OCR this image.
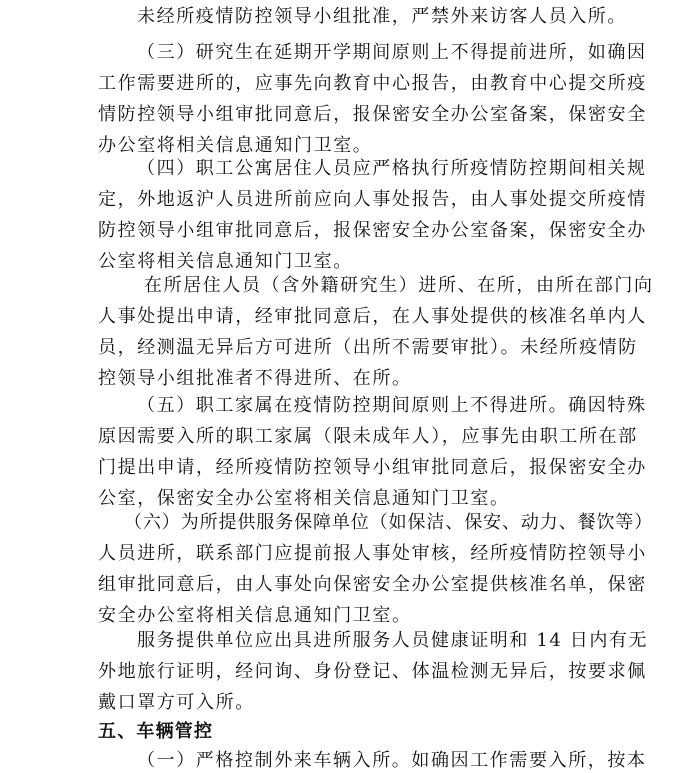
未经所疫情防控领导小组批准，严禁外来访客人员入所。

（三）研究生在延期开学期间原则上不得提前进所，如确因

工作需要进所的，应事先向教育中心报告，由教育中心提交所疫

情防控领导小组审批同意后，报保密安全办公室备案，保密安全

办公室将相关信息通知门卫室。

（四）职工公寓居住人员应严格执行所疫情防控期间相关规

定，外地返沪人员进所前应向人事处报告，由人事处提交所疫情

防控领导小组审批同意后，报保密安全办公室备案，保密安全办

公室将相关信息通知门卫室。

在所居住人员（含外籍研究生）进所、在所，由所在部门向

人事处提出申请，经审批同意后，在人事处提供的核准名单内人

员，经测温无异后方可进所（出所不需要审批）。未经所疫情防

控领导小组批准者不得进所、在所。

（五）职工家属在疫情防控期间原则上不得进所。确因特殊

原因需要入所的职工家属（限未成年人），应事先由职工所在部

门提出申请，经所疫情防控领导小组审批同意后，报保密安全办

公室，保密安全办公室将相关信息通知门卫室。

（六）为所提供服务保障单位（如保洁、保安、动力、餐饮等）

人员进所，联系部门应提前报人事处审核，经所疫情防控领导小

组审批同意后，由人事处向保密安全办公室提供核准名单，保密

安全办公室将相关信息通知门卫室。

服务提供单位应出具进所服务人员健康证明和 14 日内有无

外地旅行证明，经问询、身份登记、体温检测无异后，按要求佩

戴口罩方可入所。

五、车辆管控

（一）严格控制外来车辆入所。如确因工作需要入所，按本
